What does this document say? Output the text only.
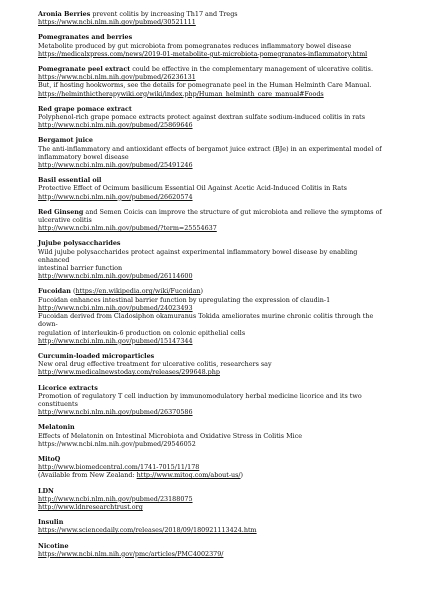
Aronia Berries prevent colitis by increasing Th17 and Tregs
https://www.ncbi.nlm.nih.gov/pubmed/30521111
Pomegranates and berries
Metabolite produced by gut microbiota from pomegranates reduces inflammatory bowel disease
https://medicalxpress.com/news/2019-01-metabolite-gut-microbiota-pomegranates-inflammatory.html
Pomegranate peel extract could be effective in the complementary management of ulcerative colitis.
https://www.ncbi.nlm.nih.gov/pubmed/26236131
But, if hosting hookworms, see the details for pomegranate peel in the Human Helminth Care Manual.
https://helminthictherapywiki.org/wiki/index.php/Human_helminth_care_manual#Foods
Red grape pomace extract
Polyphenol-rich grape pomace extracts protect against dextran sulfate sodium-induced colitis in rats
http://www.ncbi.nlm.nih.gov/pubmed/25869646
Bergamot juice
The anti-inflammatory and antioxidant effects of bergamot juice extract (BJe) in an experimental model of
inflammatory bowel disease
http://www.ncbi.nlm.nih.gov/pubmed/25491246
Basil essential oil
Protective Effect of Ocimum basilicum Essential Oil Against Acetic Acid-Induced Colitis in Rats
http://www.ncbi.nlm.nih.gov/pubmed/26620574
Red Ginseng and Semen Coicis can improve the structure of gut microbiota and relieve the symptoms of
ulcerative colitis
http://www.ncbi.nlm.nih.gov/pubmed/?term=25554637
Jujube polysaccharides
Wild jujube polysaccharides protect against experimental inflammatory bowel disease by enabling enhanced
intestinal barrier function
http://www.ncbi.nlm.nih.gov/pubmed/26114600
Fucoidan (https://en.wikipedia.org/wiki/Fucoidan)
Fucoidan enhances intestinal barrier function by upregulating the expression of claudin-1
http://www.ncbi.nlm.nih.gov/pubmed/24023493
Fucoidan derived from Cladosiphon okamuranus Tokida ameliorates murine chronic colitis through the down-
regulation of interleukin-6 production on colonic epithelial cells
http://www.ncbi.nlm.nih.gov/pubmed/15147344
Curcumin-loaded microparticles
New oral drug effective treatment for ulcerative colitis, researchers say
http://www.medicalnewstoday.com/releases/299648.php
Licorice extracts
Promotion of regulatory T cell induction by immunomodulatory herbal medicine licorice and its two
constituents
http://www.ncbi.nlm.nih.gov/pubmed/26370586
Melatonin
Effects of Melatonin on Intestinal Microbiota and Oxidative Stress in Colitis Mice
https://www.ncbi.nlm.nih.gov/pubmed/29546052
MitoQ
http://www.biomedcentral.com/1741-7015/11/178
(Available from New Zealand: http://www.mitoq.com/about-us/)
LDN
http://www.ncbi.nlm.nih.gov/pubmed/23188075
http://www.ldnresearchtrust.org
Insulin
https://www.sciencedaily.com/releases/2018/09/180921113424.htm
Nicotine
https://www.ncbi.nlm.nih.gov/pmc/articles/PMC4002379/
